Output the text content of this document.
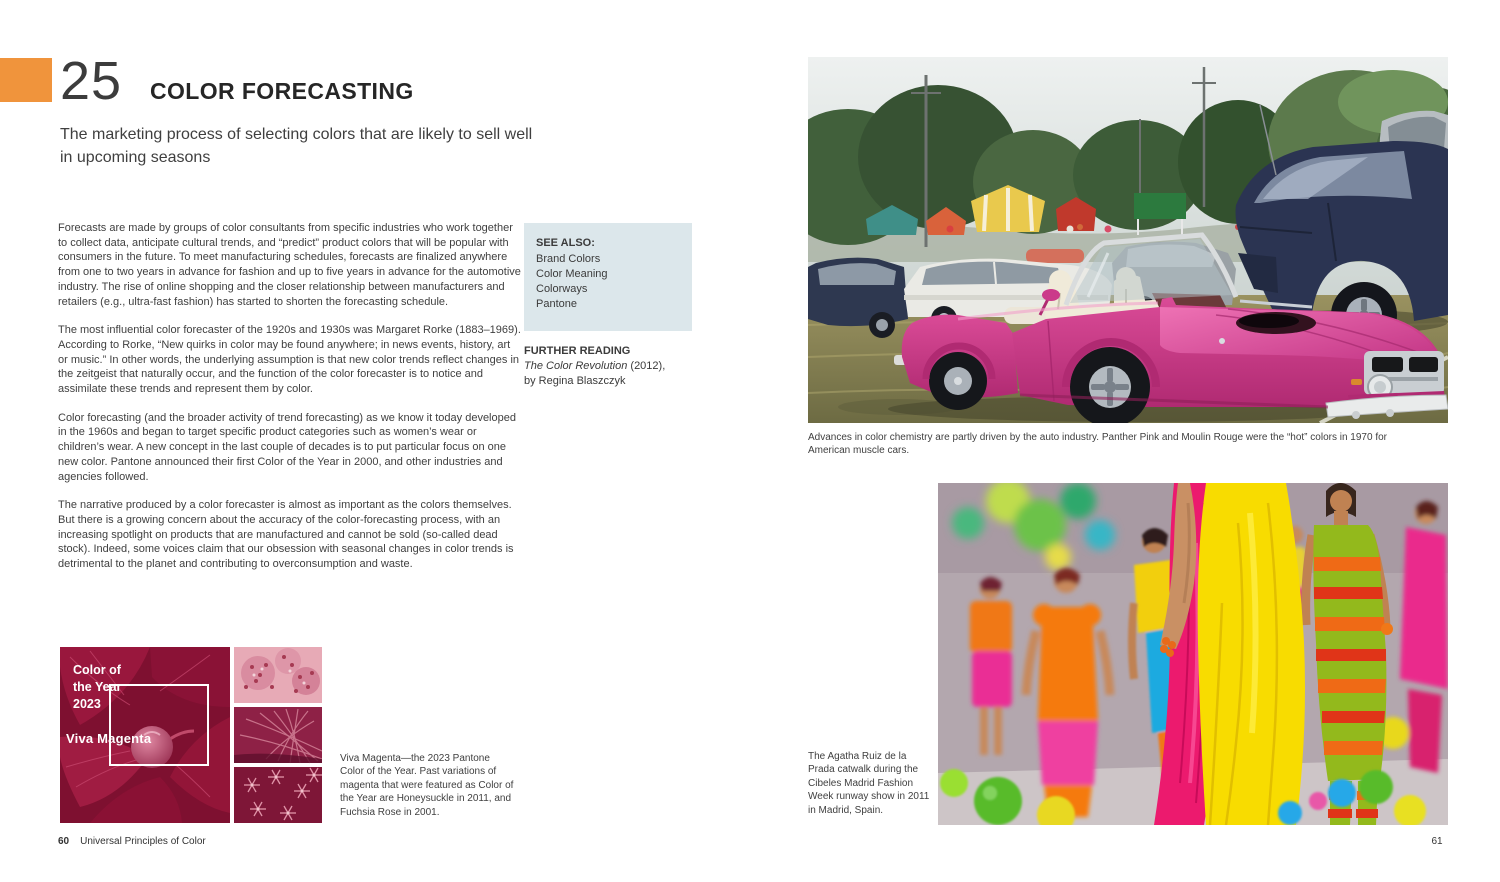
25 COLOR FORECASTING
The marketing process of selecting colors that are likely to sell well
in upcoming seasons

Forecasts are made by groups of color consultants from specific industries who work together to collect data, anticipate cultural trends, and “predict” product colors that will be popular with consumers in the future. To meet manufacturing schedules, forecasts are finalized anywhere from one to two years in advance for fashion and up to five years in advance for the automotive industry. The rise of online shopping and the closer relationship between manufacturers and retailers (e.g., ultra-fast fashion) has started to shorten the forecasting schedule.

The most influential color forecaster of the 1920s and 1930s was Margaret Rorke (1883–1969). According to Rorke, “New quirks in color may be found anywhere; in news events, history, art or music.” In other words, the underlying assumption is that new color trends reflect changes in the zeitgeist that naturally occur, and the function of the color forecaster is to notice and assimilate these trends and represent them by color.

Color forecasting (and the broader activity of trend forecasting) as we know it today developed in the 1960s and began to target specific product categories such as women’s wear or children’s wear. A new concept in the last couple of decades is to put particular focus on one new color. Pantone announced their first Color of the Year in 2000, and other industries and agencies followed.

The narrative produced by a color forecaster is almost as important as the colors themselves. But there is a growing concern about the accuracy of the color-forecasting process, with an increasing spotlight on products that are manufactured and cannot be sold (so-called dead stock). Indeed, some voices claim that our obsession with seasonal changes in color trends is detrimental to the planet and contributing to overconsumption and waste.

SEE ALSO:
Brand Colors
Color Meaning
Colorways
Pantone
FURTHER READING
The Color Revolution (2012),
by Regina Blaszczyk
Color of the Year 2023
Viva Magenta
Viva Magenta—the 2023 Pantone Color of the Year. Past variations of magenta that were featured as Color of the Year are Honeysuckle in 2011, and Fuchsia Rose in 2001.
60 Universal Principles of Color
Advances in color chemistry are partly driven by the auto industry. Panther Pink and Moulin Rouge were the “hot” colors in 1970 for American muscle cars.
The Agatha Ruiz de la Prada catwalk during the Cibeles Madrid Fashion Week runway show in 2011 in Madrid, Spain.
61
